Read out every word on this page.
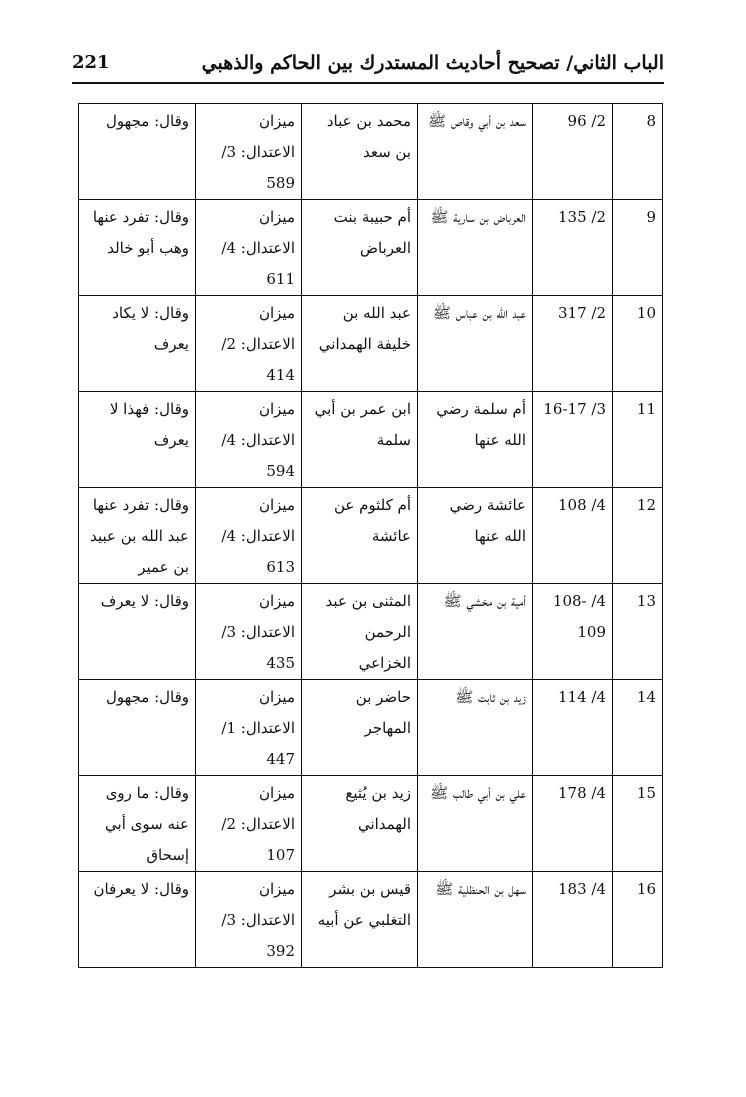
الباب الثاني/ تصحيح أحاديث المستدرك بين الحاكم والذهبي
221
8	2/ 96	سعد بن أبي وقاص ﷺ	محمد بن عباد بن سعد	ميزان الاعتدال: 3/ 589	وقال: مجهول
9	2/ 135	العرباض بن سارية ﷺ	أم حبيبة بنت العرباض	ميزان الاعتدال: 4/ 611	وقال: تفرد عنها وهب أبو خالد
10	2/ 317	عبد الله بن عباس ﷺ	عبد الله بن خليفة الهمداني	ميزان الاعتدال: 2/ 414	وقال: لا يكاد يعرف
11	3/ 16-17	أم سلمة رضي الله عنها	ابن عمر بن أبي سلمة	ميزان الاعتدال: 4/ 594	وقال: فهذا لا يعرف
12	4/ 108	عائشة رضي الله عنها	أم كلثوم عن عائشة	ميزان الاعتدال: 4/ 613	وقال: تفرد عنها عبد الله بن عبيد بن عمير
13	4/ 108-109	أمية بن مخشي ﷺ	المثنى بن عبد الرحمن الخزاعي	ميزان الاعتدال: 3/ 435	وقال: لا يعرف
14	4/ 114	زيد بن ثابت ﷺ	حاضر بن المهاجر	ميزان الاعتدال: 1/ 447	وقال: مجهول
15	4/ 178	علي بن أبي طالب ﷺ	زيد بن يُثيع الهمداني	ميزان الاعتدال: 2/ 107	وقال: ما روى عنه سوى أبي إسحاق
16	4/ 183	سهل بن الحنظلية ﷺ	قيس بن بشر التغلبي عن أبيه	ميزان الاعتدال: 3/ 392	وقال: لا يعرفان
